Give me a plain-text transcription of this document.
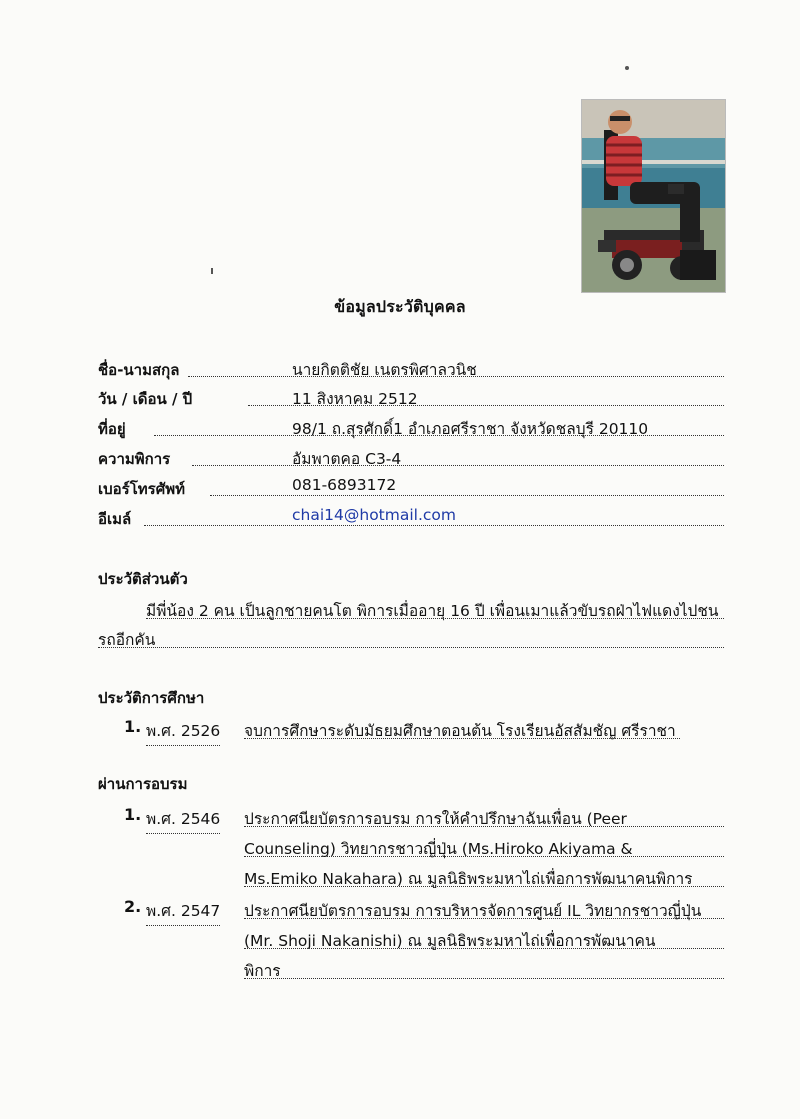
ข้อมูลประวัติบุคคล
ชื่อ-นามสกุล	นายกิตติชัย เนตรพิศาลวนิช
วัน / เดือน / ปี	11 สิงหาคม 2512
ที่อยู่	98/1 ถ.สุรศักดิ์1 อำเภอศรีราชา จังหวัดชลบุรี 20110
ความพิการ	อัมพาตคอ C3-4
เบอร์โทรศัพท์	081-6893172
อีเมล์	chai14@hotmail.com
ประวัติส่วนตัว
มีพี่น้อง 2 คน เป็นลูกชายคนโต พิการเมื่ออายุ 16 ปี เพื่อนเมาแล้วขับรถฝ่าไฟแดงไปชน
รถอีกคัน
ประวัติการศึกษา
1. พ.ศ. 2526 จบการศึกษาระดับมัธยมศึกษาตอนต้น โรงเรียนอัสสัมชัญ ศรีราชา
ผ่านการอบรม
1. พ.ศ. 2546 ประกาศนียบัตรการอบรม การให้คำปรึกษาฉันเพื่อน (Peer
Counseling) วิทยากรชาวญี่ปุ่น (Ms.Hiroko Akiyama &
Ms.Emiko Nakahara) ณ มูลนิธิพระมหาไถ่เพื่อการพัฒนาคนพิการ
2. พ.ศ. 2547 ประกาศนียบัตรการอบรม การบริหารจัดการศูนย์ IL วิทยากรชาวญี่ปุ่น
(Mr. Shoji Nakanishi) ณ มูลนิธิพระมหาไถ่เพื่อการพัฒนาคน
พิการ
